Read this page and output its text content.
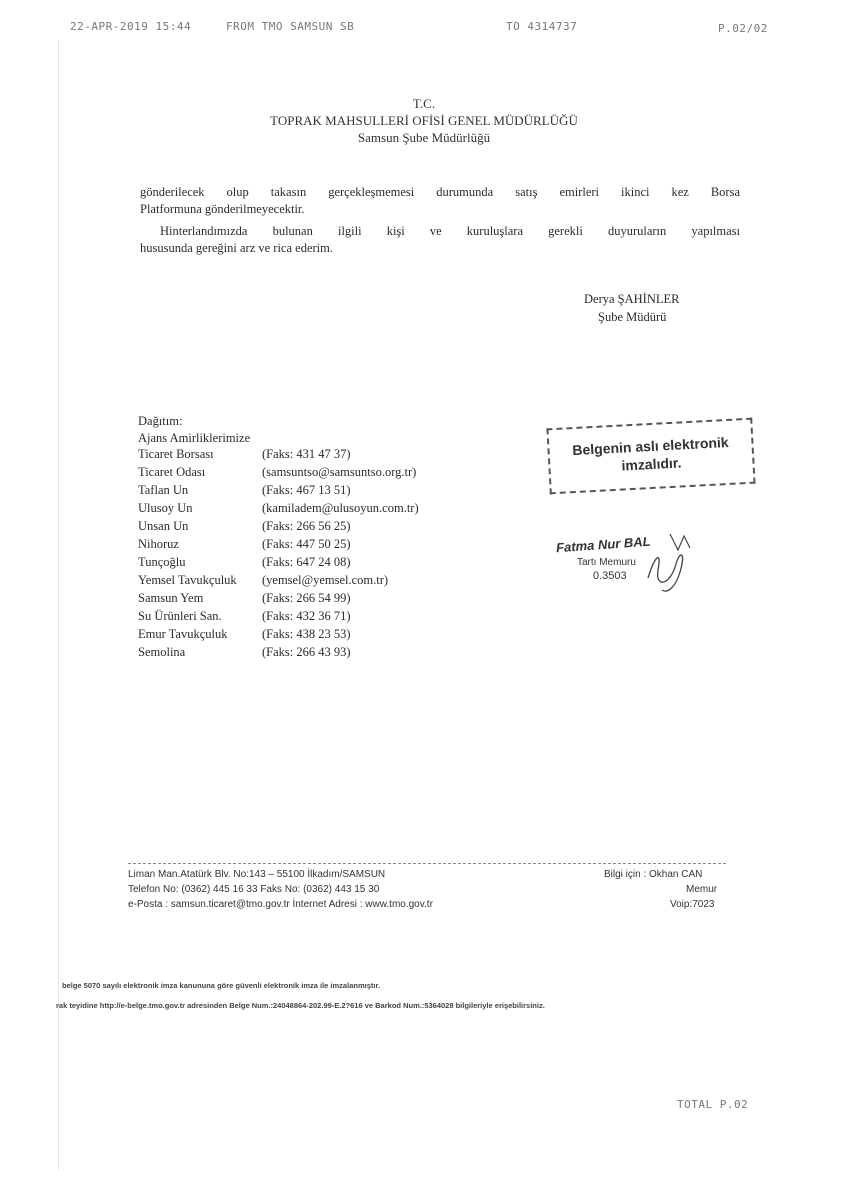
22-APR-2019 15:44	FROM TMO SAMSUN SB	TO 4314737	P.02/02
T.C.
TOPRAK MAHSULLERİ OFİSİ GENEL MÜDÜRLÜĞÜ
Samsun Şube Müdürlüğü
gönderilecek olup takasın gerçekleşmemesi durumunda satış emirleri ikinci kez Borsa
Platformuna gönderilmeyecektir.
Hinterlandımızda bulunan ilgili kişi ve kuruluşlara gerekli duyuruların yapılması
hususunda gereğini arz ve rica ederim.
Derya ŞAHİNLER
Şube Müdürü
Dağıtım:
Ajans Amirliklerimize
Ticaret Borsası	(Faks: 431 47 37)
Ticaret Odası	(samsuntso@samsuntso.org.tr)
Taflan Un	(Faks: 467 13 51)
Ulusoy Un	(kamiladem@ulusoyun.com.tr)
Unsan Un	(Faks: 266 56 25)
Nihoruz	(Faks: 447 50 25)
Tunçoğlu	(Faks: 647 24 08)
Yemsel Tavukçuluk (yemsel@yemsel.com.tr)
Samsun Yem	(Faks: 266 54 99)
Su Ürünleri San.	(Faks: 432 36 71)
Emur Tavukçuluk	(Faks: 438 23 53)
Semolina	(Faks: 266 43 93)
Belgenin aslı elektronik
imzalıdır.
Fatma Nur BAL
Tartı Memuru
0.3503
Liman Man.Atatürk Blv. No:143 – 55100 İlkadım/SAMSUN
Telefon No: (0362) 445 16 33 Faks No: (0362) 443 15 30
e-Posta : samsun.ticaret@tmo.gov.tr İnternet Adresi : www.tmo.gov.tr
Bilgi için : Okhan CAN
Memur
Voip:7023
belge 5070 sayılı elektronik imza kanununa göre güvenli elektronik imza ile imzalanmıştır.
rak teyidine http://e-belge.tmo.gov.tr adresinden Belge Num.:24048864-202.99-E.2?616 ve Barkod Num.:5364028 bilgileriyle erişebilirsiniz.
TOTAL P.02
